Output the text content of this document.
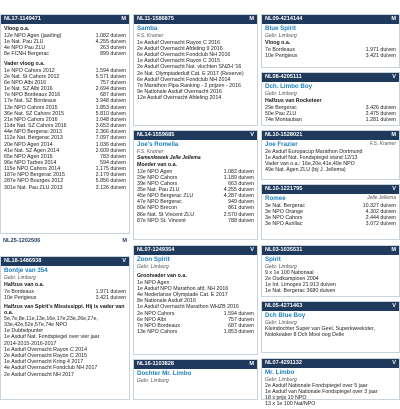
NL17-1149471	M
Vloog o.a.
12e NPO Agen (jaarling)	1.082 duiven
1e Nat. Pau ZLU	4.255 duiven
4e NPO Pau ZLU	263 duiven
8e FCNH Bergerac	899 duiven
Vader vloog o.a.
1e NPO Cahors 2012	1.594 duiven
2e Nat. St Cahors 2012	5.571 duiven
6e NPO Albi 2016	757 duiven
1e Nat. SZ Albi 2016	2.694 duiven
7e NPO Bordeaux 2016	687 duiven
17e Nat. SZ Bordeaux	3.948 duiven
13e NPO Cahors 2015	1.853 duiven
36e Nat. SZ Cahors 2015	5.810 duiven
21e NPO Cahors 2016	1.048 duiven
11de Nat. SZ Cahors 2016	3.653 duiven
44e NPO Bergerac 2013	2.366 duiven
112e Nat. Bergerac 2013	7.097 duiven
20e NPO Agen 2014	1.036 duiven
41e Nat. SZ Agen 2014	2.609 duiven
65e NPO Agen 2015	783 duiven
96e NPO Tarbes 2014	594 duiven
115e NPO Cahors 2014	1.175 duiven
187e NPO Bergerac 2015	2.179 duiven
287e NPO Bourges 2012	5.856 duiven
301e Nat. Pau ZLU 2013	3.126 duiven
NL25-1202506	M
NL18-1486938	V
Bontje van 354
Gebr. Limburg
Halfzus van o.a.
7e Bordeaux	1.971 duiven
10e Perigieux	3.421 duiven
Halfzus van Spirit's Mississippi. Hij is vader van o.a.
5e,7e,8e,11e,13e,16e,17e,23e,26e,27e,
33e,42e,52e,57e,74e NPO
1e Dubbelpunter
1e Asduif Nat. Fondspiegel over vier jaar
2014-2015-2016-2017
1e Asduif Overnacht Rayon C 2014
2e Asduif Overnacht Rayon C 2015
1e Asduif Overnacht Kring 4 2017
4e Asduif Overnacht Fondclub NH 2017
2e Asduif Overnacht NH 2017
NL11-1586875	M
Samba
F.S. Kramer
1e Asduif Overnacht Rayon C 2016
2e Asduif Overnacht Afdeling 9 2016
6e Asduif Overnacht Fondclub NH 2016
1e Asduif Overnacht Rayon C 2015
2e Asduif Overnacht Nat. vluchten SNZH '16
2e Nat. Olympiadeduif Cat. E 2017 (Reserve)
6e Asduif Overnacht Fondclub NH 2014
7e Marathon Pipa Ranking - 2 prijzen - 2016
9e Nationale Asduif Overnacht 2016
12e Asduif Overnacht Afdeling 2014
NL14-1559685	V
Joe's Romella
F.S. Kramer
Samenkweek Jelle Jellema
Moeder van o.a.
12e NPO Agen	1.082 duiven
29e NPO Cahors	1.189 duiven
39e NPO Cahors	663 duiven
35e Nat. Pau ZLU	4.255 duiven
45e NPO Bergerac ZLU	4.287 duiven
47e NPO Bergerac	949 duiven
80e NPO Brecon	861 duiven
86e Nat. St Vincent ZLU	2.570 duiven
87e NPO St. Vincent	788 duiven
NL07-1249354	V
Zoon Spirit
Gebr. Limburg
Grootvader van o.a.
1e NPO Agen
1e Asduif NPO Marathon afd. NH 2016
4e Nederlanse Olympiade Cat. E 2017
8e Nationale Asduif 2016
1e Asduif Overnacht Marathon WHZB 2016
2e NPO Cahors	1.594 duiven
6e NPO Albi	757 duiven
7e NPO Bordeaux	687 duiven
13e NPO Cahors	1.853 duiven
NL16-1103828	M
Dochter Mr. Limbo
Gebr. Limburg
NL09-4214144	M
Blue Spirit
Gebr. Limburg
Vloog o.a.
7e Bordeaux	1.971 duiven
10e Perigieux	3.421 duiven
NL08-4205111	V
Dch. Limbo Boy
Gebr. Limburg
Halfzus van Rocketeer
29e Bergerac	3.426 duiven
50e Pau ZLU	2.475 duiven
74e Montauban	1.281 duiven
NL10-1528021	M
Joe Frazier	F.S. Kramer
2e Asduif Europacup Marathon Dortmund
1e Asduif Nat. Fondspiegel stand 12/13
Vader van o.a.: 16e,20e,41e,49e NPO
49e Nat. Agen ZLU (bij J. Jellema)
NL10-1221795	V
Romee	Jelle Jellema
3e Nat. Bergerac	10.327 duiven
3e NPO Orange	4.302 duiven
3e NPO Cahors	2.444 duiven
3e NPO Aurillac	3.072 duiven
NL03-1035531	M
Spirit
Gebr. Limburg
9 x 1e 100 Nationaal
2e Oudkampioen 2004
1e Int. Limoges 21.913 duiven
1e Nat. Bergerac 3680 duiven
NL05-4271463	V
Dch Blue Boy
Gebr. Limburg
Kleindochter Super van Geel, Superkweekster,
Notokeaker 8 Dch Mooi oog Delle
NL07-4291132	V
Mr. Limbo
Gebr. Limburg
2e Asduif Nationale Fondspiegel over 5 jaar
1e Asduif van Nationale Fondspiegel over 3 jaar
18 x prijs 10 NPO
13 x 1e 100 Nat/NPO
